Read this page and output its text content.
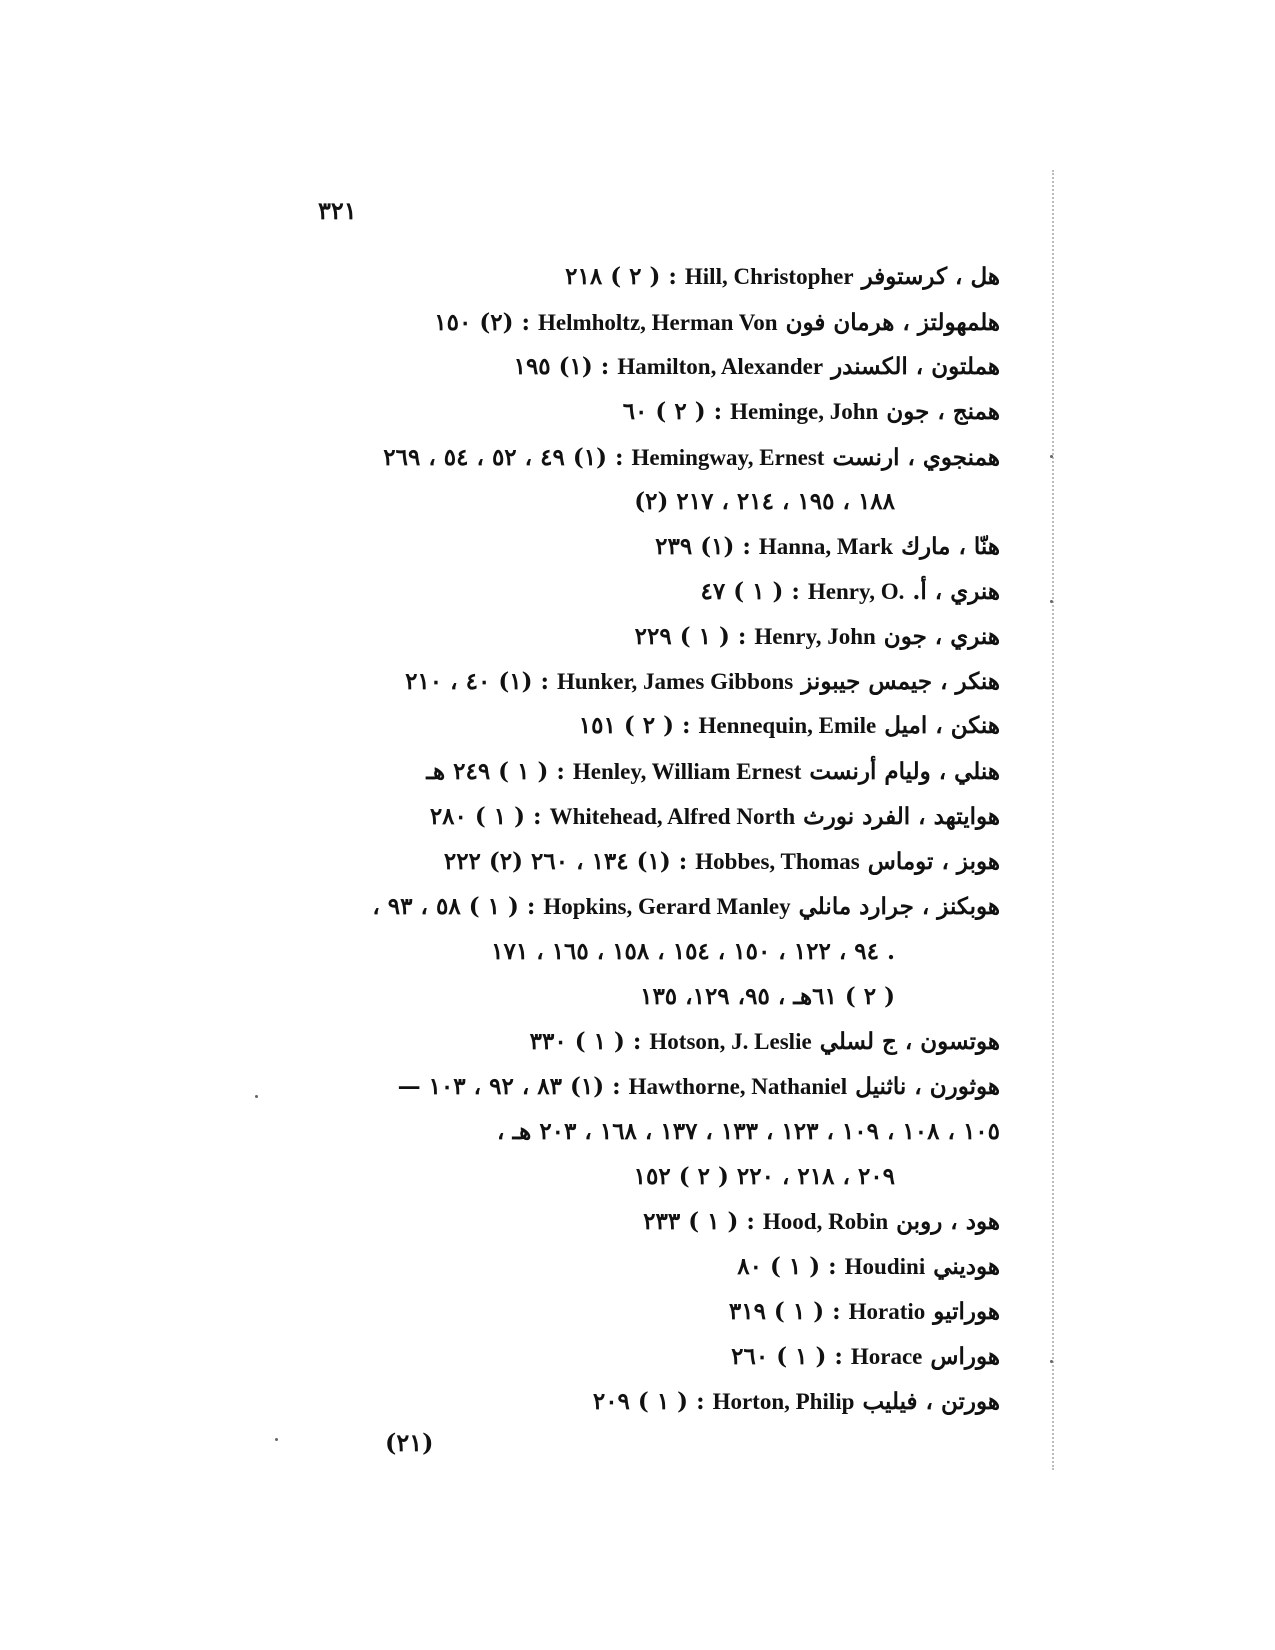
٣٢١
هل ، كرستوفر Hill, Christopher : ( ٢ ) ٢١٨
هلمهولتز ، هرمان فون Helmholtz, Herman Von : (٢) ١٥٠
هملتون ، الكسندر Hamilton, Alexander : (١) ١٩٥
همنج ، جون Heminge, John : ( ٢ ) ٦٠
همنجوي ، ارنست Hemingway, Ernest : (١) ٤٩ ، ٥٢ ، ٥٤ ، ٢٦٩
(٢) ١٨٨ ، ١٩٥ ، ٢١٤ ، ٢١٧
هنّا ، مارك Hanna, Mark : (١) ٢٣٩
هنري ، أ. Henry, O. : ( ١ ) ٤٧
هنري ، جون Henry, John : ( ١ ) ٢٢٩
هنكر ، جيمس جيبونز Hunker, James Gibbons : (١) ٤٠ ، ٢١٠
هنكن ، اميل Hennequin, Emile : ( ٢ ) ١٥١
هنلي ، وليام أرنست Henley, William Ernest : ( ١ ) ٢٤٩ هـ
هوايتهد ، الفرد نورث Whitehead, Alfred North : ( ١ ) ٢٨٠
هوبز ، توماس Hobbes, Thomas : (١) ١٣٤ ، ٢٦٠ (٢) ٢٢٢
هوبكنز ، جرارد مانلي Hopkins, Gerard Manley : ( ١ ) ٥٨ ، ٩٣ ،
٩٤ ، ١٢٢ ، ١٥٠ ، ١٥٤ ، ١٥٨ ، ١٦٥ ، ١٧١ .
( ٢ ) ٦١هـ ، ٩٥، ١٢٩، ١٣٥
هوتسون ، ج لسلي Hotson, J. Leslie : ( ١ ) ٣٣٠
هوثورن ، ناثنيل Hawthorne, Nathaniel : (١) ٨٣ ، ٩٢ ، ١٠٣ —
١٠٥ ، ١٠٨ ، ١٠٩ ، ١٢٣ ، ١٣٣ ، ١٣٧ ، ١٦٨ ، ٢٠٣ هـ ،
٢٠٩ ، ٢١٨ ، ٢٢٠ ( ٢ ) ١٥٢
هود ، روبن Hood, Robin : ( ١ ) ٢٣٣
هوديني Houdini : ( ١ ) ٨٠
هوراتيو Horatio : ( ١ ) ٣١٩
هوراس Horace : ( ١ ) ٢٦٠
هورتن ، فيليب Horton, Philip : ( ١ ) ٢٠٩
(٢١)
